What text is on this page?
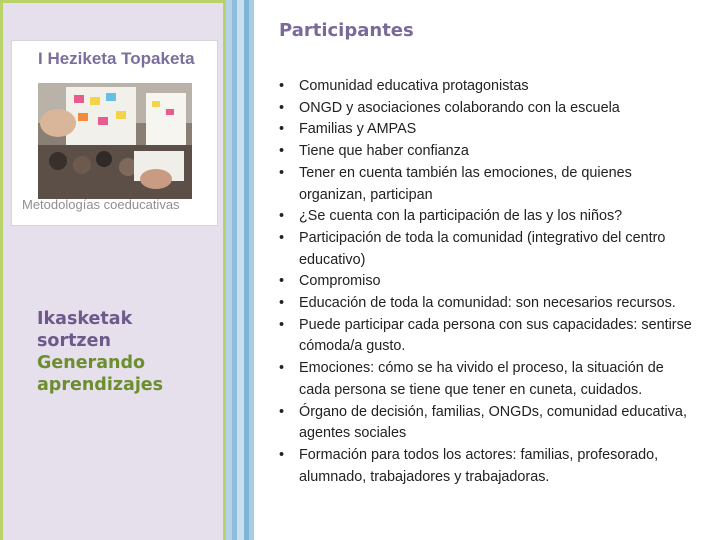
I Heziketa Topaketa
Metodologías coeducativas
Ikasketak sortzen
Generando aprendizajes
Participantes
• Comunidad educativa protagonistas
• ONGD y asociaciones colaborando con la escuela
• Familias y AMPAS
• Tiene que haber confianza
• Tener en cuenta también las emociones, de quienes organizan, participan
• ¿Se cuenta con la participación de las y los niños?
• Participación de toda la comunidad (integrativo del centro educativo)
• Compromiso
• Educación de toda la comunidad: son necesarios recursos.
• Puede participar cada persona con sus capacidades: sentirse cómoda/a gusto.
• Emociones: cómo se ha vivido el proceso, la situación de cada persona se tiene que tener en cuneta, cuidados.
• Órgano de decisión, familias, ONGDs, comunidad educativa, agentes sociales
• Formación para todos los actores: familias, profesorado, alumnado, trabajadores y trabajadoras.
